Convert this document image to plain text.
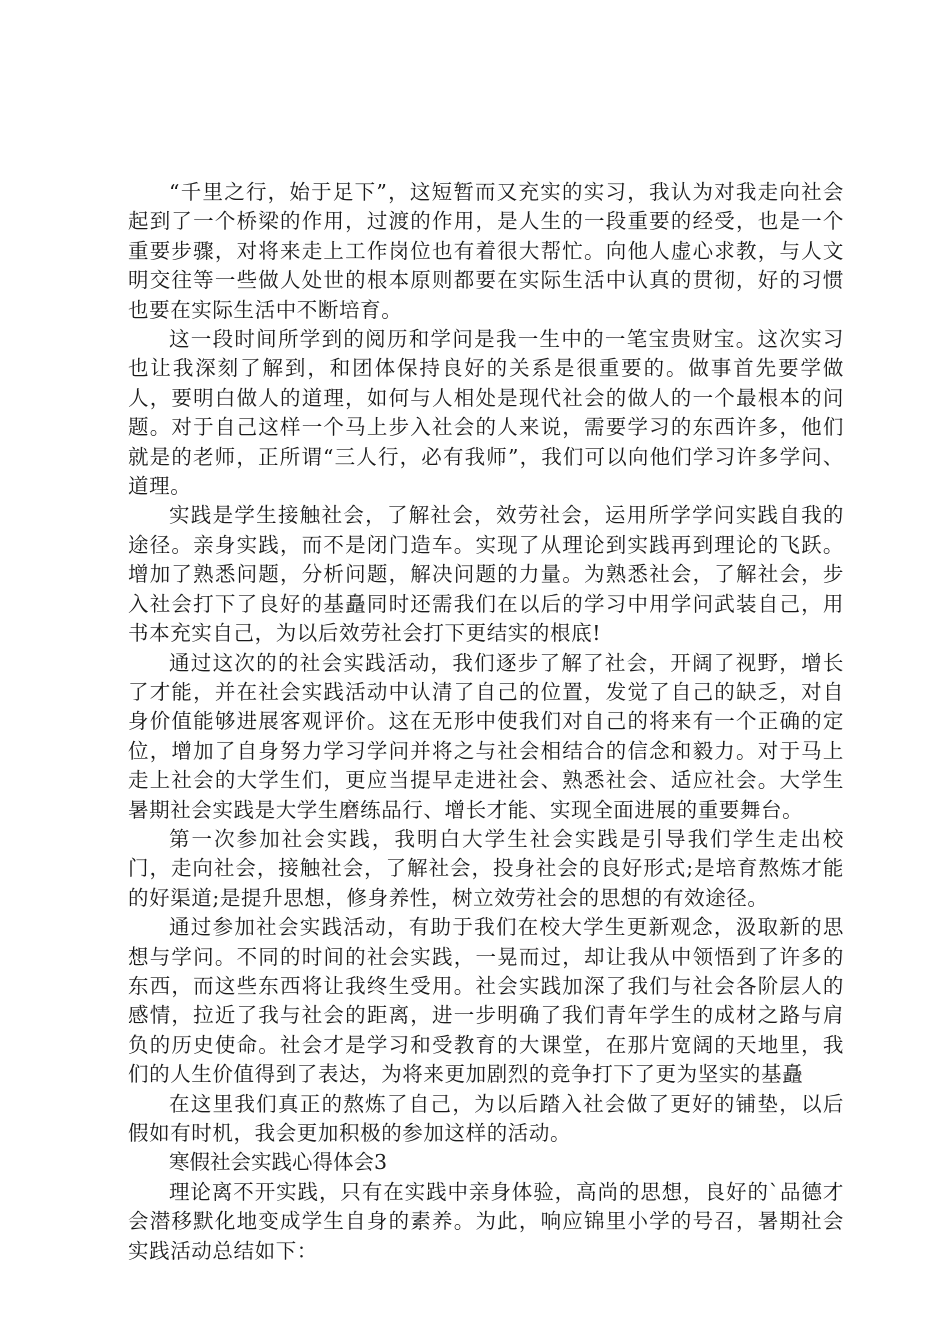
“千里之行，始于足下”，这短暂而又充实的实习，我认为对我走向社会起到了一个桥梁的作用，过渡的作用，是人生的一段重要的经受，也是一个重要步骤，对将来走上工作岗位也有着很大帮忙。向他人虚心求教，与人文明交往等一些做人处世的根本原则都要在实际生活中认真的贯彻，好的习惯也要在实际生活中不断培育。

这一段时间所学到的阅历和学问是我一生中的一笔宝贵财宝。这次实习也让我深刻了解到，和团体保持良好的关系是很重要的。做事首先要学做人，要明白做人的道理，如何与人相处是现代社会的做人的一个最根本的问题。对于自己这样一个马上步入社会的人来说，需要学习的东西许多，他们就是的老师，正所谓“三人行，必有我师”，我们可以向他们学习许多学问、道理。

实践是学生接触社会，了解社会，效劳社会，运用所学学问实践自我的途径。亲身实践，而不是闭门造车。实现了从理论到实践再到理论的飞跃。增加了熟悉问题，分析问题，解决问题的力量。为熟悉社会，了解社会，步入社会打下了良好的基矗同时还需我们在以后的学习中用学问武装自己，用书本充实自己，为以后效劳社会打下更结实的根底!

通过这次的的社会实践活动，我们逐步了解了社会，开阔了视野，增长了才能，并在社会实践活动中认清了自己的位置，发觉了自己的缺乏，对自身价值能够进展客观评价。这在无形中使我们对自己的将来有一个正确的定位，增加了自身努力学习学问并将之与社会相结合的信念和毅力。对于马上走上社会的大学生们，更应当提早走进社会、熟悉社会、适应社会。大学生暑期社会实践是大学生磨练品行、增长才能、实现全面进展的重要舞台。

第一次参加社会实践，我明白大学生社会实践是引导我们学生走出校门，走向社会，接触社会，了解社会，投身社会的良好形式;是培育熬炼才能的好渠道;是提升思想，修身养性，树立效劳社会的思想的有效途径。

通过参加社会实践活动，有助于我们在校大学生更新观念，汲取新的思想与学问。不同的时间的社会实践，一晃而过，却让我从中领悟到了许多的东西，而这些东西将让我终生受用。社会实践加深了我们与社会各阶层人的感情，拉近了我与社会的距离，进一步明确了我们青年学生的成材之路与肩负的历史使命。社会才是学习和受教育的大课堂，在那片宽阔的天地里，我们的人生价值得到了表达，为将来更加剧烈的竞争打下了更为坚实的基矗

在这里我们真正的熬炼了自己，为以后踏入社会做了更好的铺垫，以后假如有时机，我会更加积极的参加这样的活动。

寒假社会实践心得体会3

理论离不开实践，只有在实践中亲身体验，高尚的思想，良好的`品德才会潜移默化地变成学生自身的素养。为此，响应锦里小学的号召，暑期社会实践活动总结如下：
